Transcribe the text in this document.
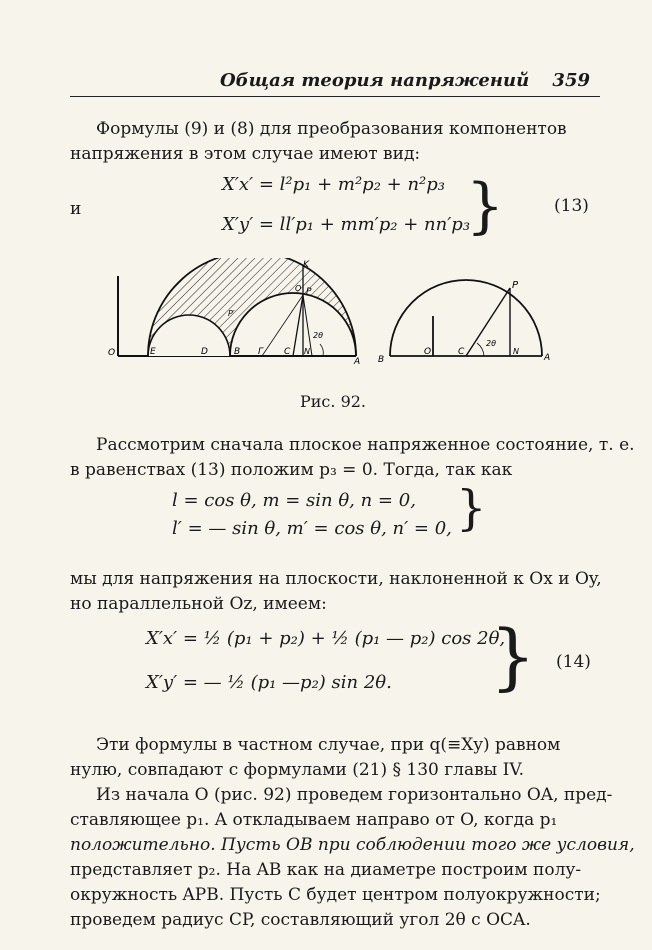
Общая теория напряжений 359
Формулы (9) и (8) для преобразования компонентов
напряжения в этом случае имеют вид:
и
X′x′ = l²p₁ + m²p₂ + n²p₃
X′y′ = ll′p₁ + mm′p₂ + nn′p₃
}	(13)
O	E	D	B Г C N
A
K
P
O
P′
2θ
B
O	C
2θ
N
A
P
Рис. 92.
Рассмотрим сначала плоское напряженное состояние, т. е.
в равенствах (13) положим p₃ = 0. Тогда, так как
l = cos θ, m = sin θ, n = 0,
l′ = — sin θ, m′ = cos θ, n′ = 0, }
мы для напряжения на плоскости, наклоненной к Ox и Oy,
но параллельной Oz, имеем:
X′x′ = ½ (p₁ + p₂) + ½ (p₁ — p₂) cos 2θ,
X′y′ = — ½ (p₁ —p₂) sin 2θ. } (14)
Эти формулы в частном случае, при q(≡Xy) равном
нулю, совпадают с формулами (21) § 130 главы IV.
Из начала O (рис. 92) проведем горизонтально OA, пред-
ставляющее p₁. A откладываем направо от O, когда p₁
положительно. Пусть OB при соблюдении того же условия,
представляет p₂. На AB как на диаметре построим полу-
окружность APB. Пусть C будет центром полуокружности;
проведем радиус CP, составляющий угол 2θ с OCA.
